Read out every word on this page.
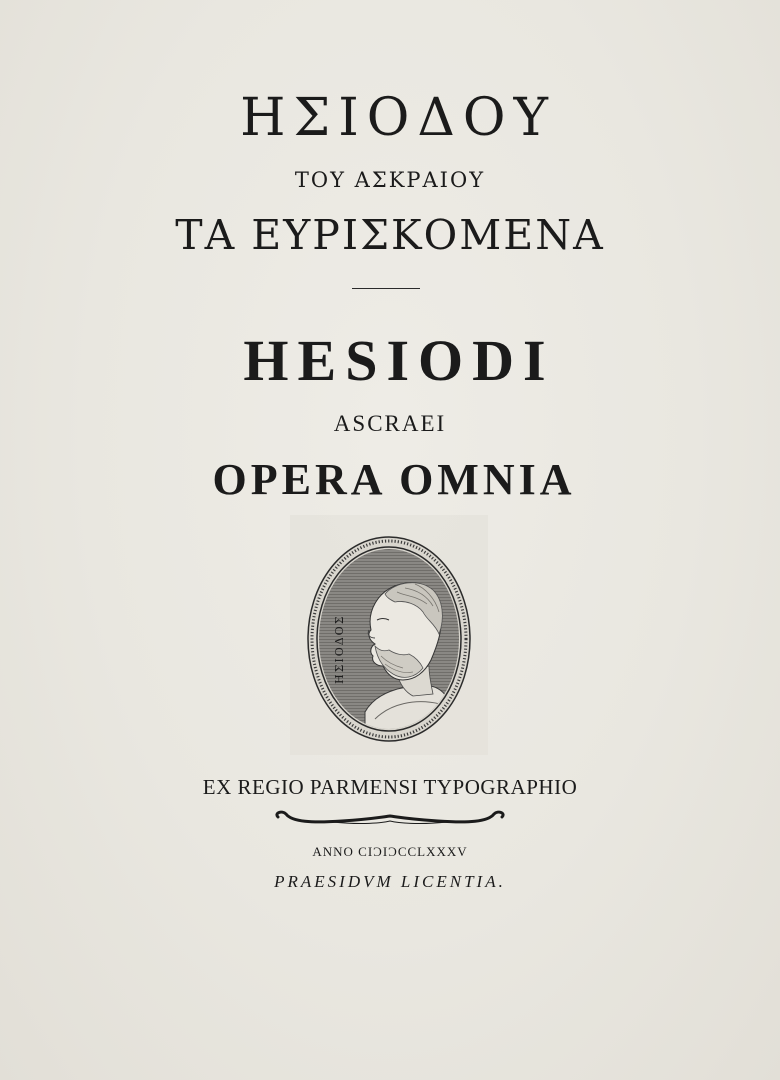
ΗΣΙΟΔΟΥ
ΤΟΥ ΑΣΚΡΑΙΟΥ
ΤΑ ΕΥΡΙΣΚΟΜΕΝΑ
HESIODI
ASCRAEI
OPERA OMNIA
ΗΣΙΟΔΟΣ
EX REGIO PARMENSI TYPOGRAPHIO
ANNO CIƆIƆCCLXXXV
PRAESIDVM LICENTIA.
